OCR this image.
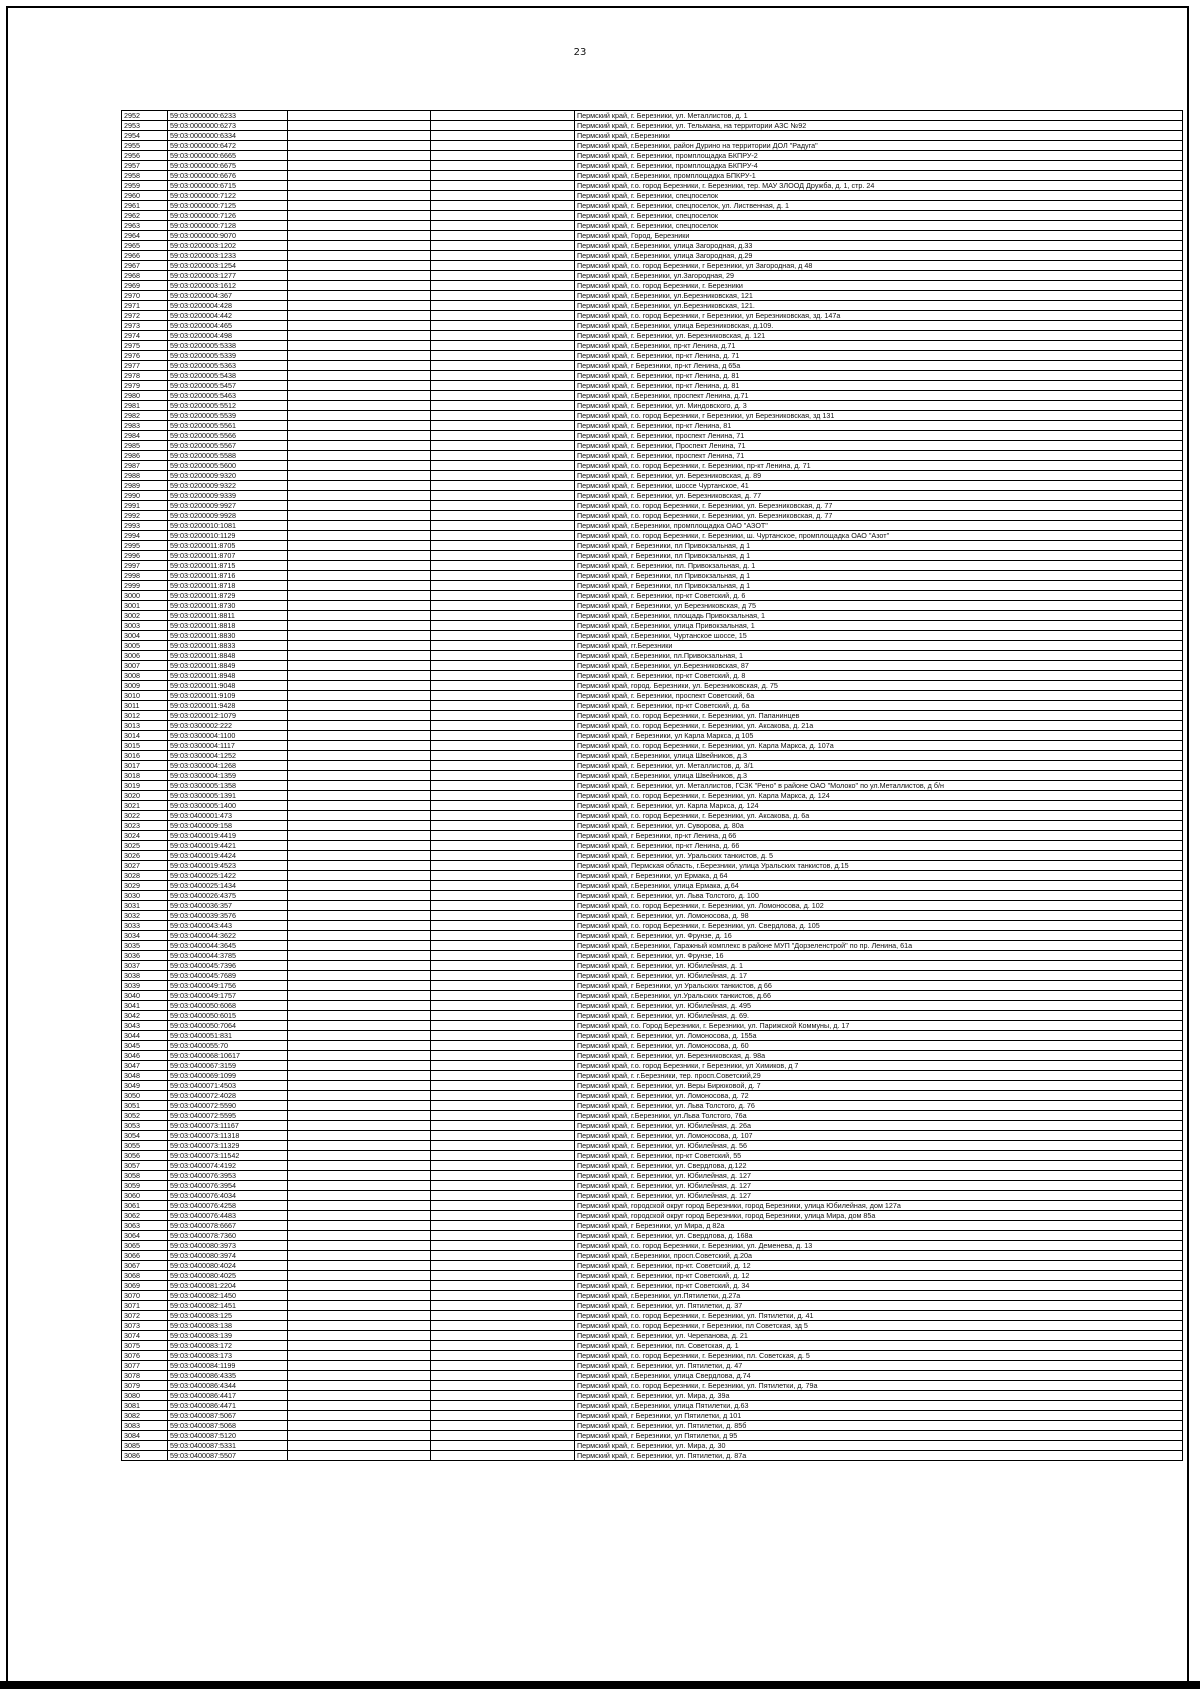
23
2952	59:03:0000000:6233			Пермский край, г. Березники, ул. Металлистов, д. 1
2953	59:03:0000000:6273			Пермский край, г. Березники, ул. Тельмана, на территории АЗС №92
2954	59:03:0000000:6334			Пермский край, г.Березники
2955	59:03:0000000:6472			Пермский край, г.Березники, район Дурино на территории ДОЛ "Радуга"
2956	59:03:0000000:6665			Пермский край, г. Березники, промплощадка БКПРУ-2
2957	59:03:0000000:6675			Пермский край, г. Березники, промплощадка БКПРУ-4
2958	59:03:0000000:6676			Пермский край, г.Березники, промплощадка БПКРУ-1
2959	59:03:0000000:6715			Пермский край, г.о. город Березники, г. Березники, тер. МАУ ЗЛООД Дружба, д. 1, стр. 24
2960	59:03:0000000:7122			Пермский край, г. Березники, спецпоселок
2961	59:03:0000000:7125			Пермский край, г. Березники, спецпоселок, ул. Лиственная, д. 1
2962	59:03:0000000:7126			Пермский край, г. Березники, спецпоселок
2963	59:03:0000000:7128			Пермский край, г. Березники, спецпоселок
2964	59:03:0000000:9070			Пермский край, Город, Березники
2965	59:03:0200003:1202			Пермский край, г.Березники, улица Загородная, д.33
2966	59:03:0200003:1233			Пермский край, г.Березники, улица Загородная, д.29
2967	59:03:0200003:1254			Пермский край, г.о. город Березники, г Березники, ул Загородная, д 48
2968	59:03:0200003:1277			Пермский край, г.Березники, ул.Загородная, 29
2969	59:03:0200003:1612			Пермский край, г.о. город Березники, г. Березники
2970	59:03:0200004:367			Пермский край, г.Березники, ул.Березниковская, 121
2971	59:03:0200004:428			Пермский край, г.Березники, ул.Березниковская, 121.
2972	59:03:0200004:442			Пермский край, г.о. город Березники, г Березники, ул Березниковская, зд. 147а
2973	59:03:0200004:465			Пермский край, г.Березники, улица Березниковская, д.109.
2974	59:03:0200004:498			Пермский край, г. Березники, ул. Березниковская, д. 121
2975	59:03:0200005:5338			Пермский край, г.Березники, пр-кт Ленина, д.71
2976	59:03:0200005:5339			Пермский край, г. Березники, пр-кт Ленина, д. 71
2977	59:03:0200005:5363			Пермский край, г Березники, пр-кт Ленина, д 65а
2978	59:03:0200005:5438			Пермский край, г. Березники, пр-кт Ленина, д. 81
2979	59:03:0200005:5457			Пермский край, г. Березники, пр-кт Ленина, д. 81
2980	59:03:0200005:5463			Пермский край, г.Березники, проспект Ленина, д.71
2981	59:03:0200005:5512			Пермский край, г. Березники, ул. Миндовского, д. 3
2982	59:03:0200005:5539			Пермский край, г.о. город Березники, г Березники, ул Березниковская, зд 131
2983	59:03:0200005:5561			Пермский край, г. Березники, пр-кт Ленина, 81
2984	59:03:0200005:5566			Пермский край, г. Березники, проспект Ленина, 71
2985	59:03:0200005:5567			Пермский край, г. Березники, Проспект Ленина, 71
2986	59:03:0200005:5588			Пермский край, г. Березники, проспект Ленина, 71
2987	59:03:0200005:5600			Пермский край, г.о. город Березники, г. Березники, пр-кт Ленина, д. 71
2988	59:03:0200009:9320			Пермский край, г. Березники, ул. Березниковская, д. 89
2989	59:03:0200009:9322			Пермский край, г. Березники, шоссе Чуртанское, 41
2990	59:03:0200009:9339			Пермский край, г. Березники, ул. Березниковская, д. 77
2991	59:03:0200009:9927			Пермский край, г.о. город Березники, г. Березники, ул. Березниковская, д. 77
2992	59:03:0200009:9928			Пермский край, г.о. город Березники, г. Березники, ул. Березниковская, д. 77
2993	59:03:0200010:1081			Пермский край, г.Березники, промплощадка ОАО "АЗОТ"
2994	59:03:0200010:1129			Пермский край, г.о. город Березники, г. Березники, ш. Чуртанское, промплощадка ОАО "Азот"
2995	59:03:0200011:8705			Пермский край, г Березники, пл Привокзальная, д 1
2996	59:03:0200011:8707			Пермский край, г Березники, пл Привокзальная, д 1
2997	59:03:0200011:8715			Пермский край, г. Березники, пл. Привокзальная, д. 1
2998	59:03:0200011:8716			Пермский край, г Березники, пл Привокзальная, д 1
2999	59:03:0200011:8718			Пермский край, г Березники, пл Привокзальная, д 1
3000	59:03:0200011:8729			Пермский край, г. Березники, пр-кт Советский, д. 6
3001	59:03:0200011:8730			Пермский край, г Березники, ул Березниковская, д 75
3002	59:03:0200011:8811			Пермский край, г.Березники, площадь Привокзальная, 1
3003	59:03:0200011:8818			Пермский край, г.Березники, улица Привокзальная, 1
3004	59:03:0200011:8830			Пермский край, г.Березники, Чуртанское шоссе, 15
3005	59:03:0200011:8833			Пермский край, гг.Березники
3006	59:03:0200011:8848			Пермский край, г.Березники, пл.Привокзальная, 1
3007	59:03:0200011:8849			Пермский край, г.Березники, ул.Березниковская, 87
3008	59:03:0200011:8948			Пермский край, г. Березники, пр-кт Советский, д. 8
3009	59:03:0200011:9048			Пермский край, город. Березники, ул. Березниковская, д. 75
3010	59:03:0200011:9109			Пермский край, г. Березники, проспект Советский, 6а
3011	59:03:0200011:9428			Пермский край, г. Березники, пр-кт Советский, д. 6а
3012	59:03:0200012:1079			Пермский край, г.о. город Березники, г. Березники, ул. Папанинцев
3013	59:03:0300002:222			Пермский край, г.о. город Березники, г. Березники, ул. Аксакова, д. 21а
3014	59:03:0300004:1100			Пермский край, г Березники, ул Карла Маркса, д 105
3015	59:03:0300004:1117			Пермский край, г.о. город Березники, г. Березники, ул. Карла Маркса, д. 107а
3016	59:03:0300004:1252			Пермский край, г.Березники, улица Швейников, д.3
3017	59:03:0300004:1268			Пермский край, г. Березники, ул. Металлистов, д. 3/1
3018	59:03:0300004:1359			Пермский край, г.Березники, улица Швейников, д.3
3019	59:03:0300005:1358			Пермский край, г. Березники, ул. Металлистов, ГСЗК "Рено" в районе ОАО "Молоко" по ул.Металлистов, д б/н
3020	59:03:0300005:1391			Пермский край, г.о. город Березники, г. Березники, ул. Карла Маркса, д. 124
3021	59:03:0300005:1400			Пермский край, г. Березники, ул. Карла Маркса, д. 124
3022	59:03:0400001:473			Пермский край, г.о. город Березники, г. Березники, ул. Аксакова, д. 6а
3023	59:03:0400009:158			Пермский край, г. Березники, ул. Суворова, д. 80а
3024	59:03:0400019:4419			Пермский край, г Березники, пр-кт Ленина, д 66
3025	59:03:0400019:4421			Пермский край, г. Березники, пр-кт Ленина, д. 66
3026	59:03:0400019:4424			Пермский край, г. Березники, ул. Уральских танкистов, д. 5
3027	59:03:0400019:4523			Пермский край, Пермская область, г.Березники, улица Уральских танкистов, д.15
3028	59:03:0400025:1422			Пермский край, г Березники, ул Ермака, д 64
3029	59:03:0400025:1434			Пермский край, г.Березники, улица Ермака, д.64
3030	59:03:0400026:4375			Пермский край, г. Березники, ул. Льва Толстого, д. 100
3031	59:03:0400036:357			Пермский край, г.о. город Березники, г. Березники, ул. Ломоносова, д. 102
3032	59:03:0400039:3576			Пермский край, г. Березники, ул. Ломоносова, д. 98
3033	59:03:0400043:443			Пермский край, г.о. город Березники, г. Березники, ул. Свердлова, д. 105
3034	59:03:0400044:3622			Пермский край, г. Березники, ул. Фрунзе, д. 16
3035	59:03:0400044:3645			Пермский край, г.Березники, Гаражный комплекс в районе МУП "Дорзеленстрой" по пр. Ленина, 61а
3036	59:03:0400044:3785			Пермский край, г. Березники, ул. Фрунзе, 16
3037	59:03:0400045:7396			Пермский край, г. Березники, ул. Юбилейная, д. 1
3038	59:03:0400045:7689			Пермский край, г. Березники, ул. Юбилейная, д. 17
3039	59:03:0400049:1756			Пермский край, г Березники, ул Уральских танкистов, д 66
3040	59:03:0400049:1757			Пермский край, г.Березники, ул.Уральских танкистов, д.66
3041	59:03:0400050:6068			Пермский край, г. Березники, ул. Юбилейная, д. 495
3042	59:03:0400050:6015			Пермский край, г. Березники, ул. Юбилейная, д. 69.
3043	59:03:0400050:7064			Пермский край, г.о. Город Березники, г. Березники, ул. Парижской Коммуны, д. 17
3044	59:03:0400051:831			Пермский край, г. Березники, ул. Ломоносова, д. 155а
3045	59:03:0400055:70			Пермский край, г. Березники, ул. Ломоносова, д. 60
3046	59:03:0400068:10617			Пермский край, г. Березники, ул. Березниковская, д. 98а
3047	59:03:0400067:3159			Пермский край, г.о. город Березники, г Березники, ул Химиков, д 7
3048	59:03:0400069:1099			Пермский край, г. г.Березники, тер. просп.Советский,29
3049	59:03:0400071:4503			Пермский край, г. Березники, ул. Веры Бирюковой, д. 7
3050	59:03:0400072:4028			Пермский край, г. Березники, ул. Ломоносова, д. 72
3051	59:03:0400072:5590			Пермский край, г. Березники, ул. Льва Толстого, д. 76
3052	59:03:0400072:5595			Пермский край, г.Березники, ул.Льва Толстого, 76а
3053	59:03:0400073:11167			Пермский край, г. Березники, ул. Юбилейная, д. 26а
3054	59:03:0400073:11318			Пермский край, г. Березники, ул. Ломоносова, д. 107
3055	59:03:0400073:11329			Пермский край, г. Березники, ул. Юбилейная, д. 56
3056	59:03:0400073:11542			Пермский край, г. Березники, пр-кт Советский, 55
3057	59:03:0400074:4192			Пермский край, г. Березники, ул. Свердлова, д.122
3058	59:03:0400076:3953			Пермский край, г. Березники, ул. Юбилейная, д. 127
3059	59:03:0400076:3954			Пермский край, г. Березники, ул. Юбилейная, д. 127
3060	59:03:0400076:4034			Пермский край, г. Березники, ул. Юбилейная, д. 127
3061	59:03:0400076:4258			Пермский край, городской округ город Березники, город Березники, улица Юбилейная, дом 127а
3062	59:03:0400076:4483			Пермский край, городской округ город Березники, город Березники, улица Мира, дом 85а
3063	59:03:0400078:6667			Пермский край, г Березники, ул Мира, д 82а
3064	59:03:0400078:7360			Пермский край, г. Березники, ул. Свердлова, д. 168а
3065	59:03:0400080:3973			Пермский край, г.о. город Березники, г. Березники, ул. Деменева, д. 13
3066	59:03:0400080:3974			Пермский край, г.Березники, просп.Советский, д.20а
3067	59:03:0400080:4024			Пермский край, г. Березники, пр-кт. Советский, д. 12
3068	59:03:0400080:4025			Пермский край, г. Березники, пр-кт Советский, д. 12
3069	59:03:0400081:2204			Пермский край, г. Березники, пр-кт Советский, д. 34
3070	59:03:0400082:1450			Пермский край, г.Березники, ул.Пятилетки, д.27а
3071	59:03:0400082:1451			Пермский край, г. Березники, ул. Пятилетки, д. 37
3072	59:03:0400083:125			Пермский край, г.о. город Березники, г. Березники, ул. Пятилетки, д. 41
3073	59:03:0400083:138			Пермский край, г.о. город Березники, г Березники, пл Советская, зд 5
3074	59:03:0400083:139			Пермский край, г. Березники, ул. Черепанова, д. 21
3075	59:03:0400083:172			Пермский край, г. Березники, пл. Советская, д. 1
3076	59:03:0400083:173			Пермский край, г.о. город Березники, г. Березники, пл. Советская, д. 5
3077	59:03:0400084:1199			Пермский край, г. Березники, ул. Пятилетки, д. 47
3078	59:03:0400086:4335			Пермский край, г.Березники, улица Свердлова, д.74
3079	59:03:0400086:4344			Пермский край, г.о. город Березники, г. Березники, ул. Пятилетки, д. 79а
3080	59:03:0400086:4417			Пермский край, г. Березники, ул. Мира, д. 39а
3081	59:03:0400086:4471			Пермский край, г.Березники, улица Пятилетки, д.63
3082	59:03:0400087:5067			Пермский край, г Березники, ул Пятилетки, д 101
3083	59:03:0400087:5068			Пермский край, г. Березники, ул. Пятилетки, д. 85б
3084	59:03:0400087:5120			Пермский край, г Березники, ул Пятилетки, д 95
3085	59:03:0400087:5331			Пермский край, г. Березники, ул. Мира, д. 30
3086	59:03:0400087:5507			Пермский край, г. Березники, ул. Пятилетки, д. 87а
